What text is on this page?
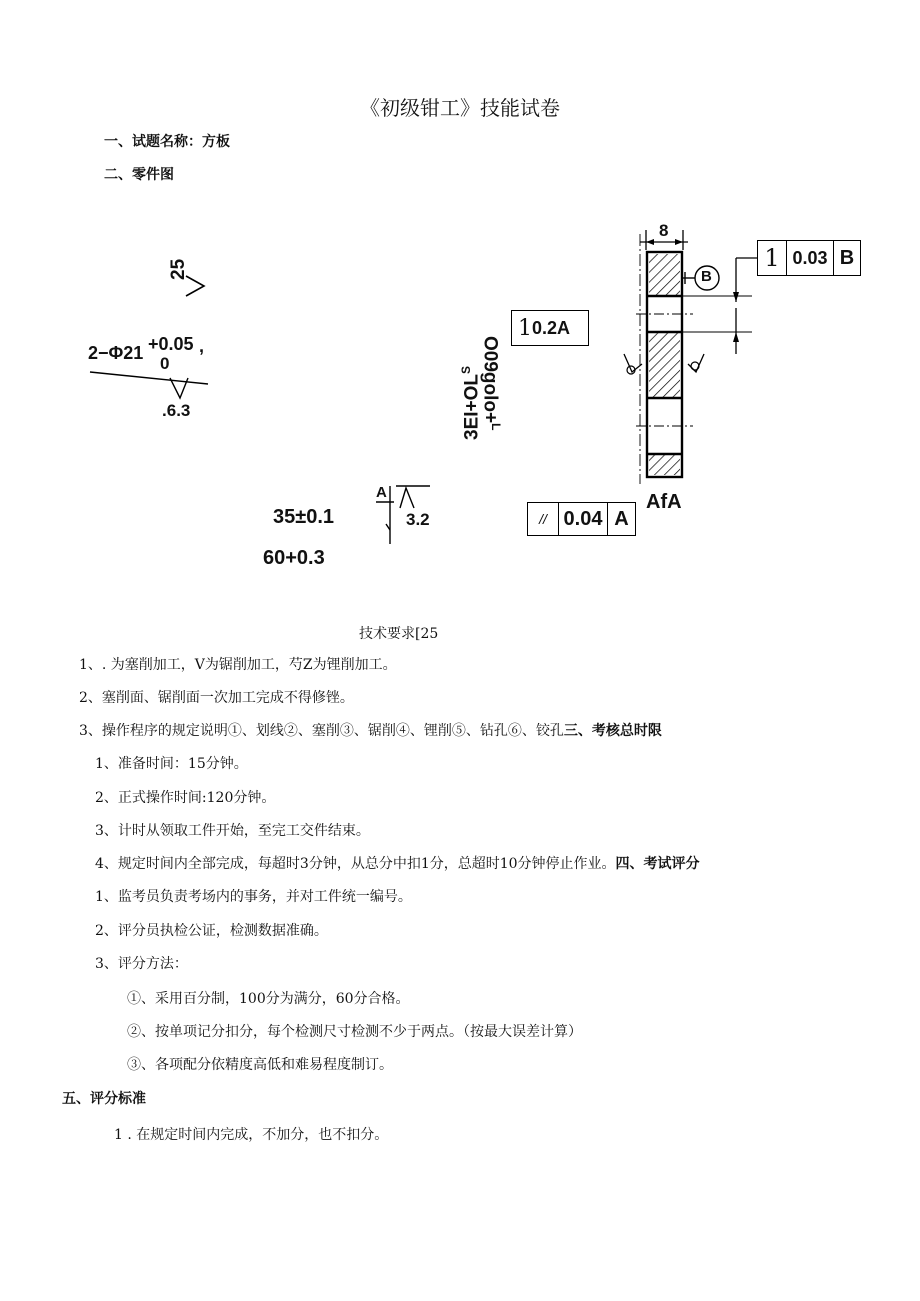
《初级钳工》技能试卷
一、试题名称：方板
二、零件图
25
2−Φ21 +0.05 ,
0
.6.3
1 0.2A
O09golo+$^L$
$3EI+OL^S$
35±0.1
60+0.3
A
3.2	// 0.04 A
8
B
AfA
1 0.03 B
技术要求[25
1、. 为塞削加工，V为锯削加工，芍Z为锂削加工。
2、塞削面、锯削面一次加工完成不得修锉。
3、操作程序的规定说明①、划线②、塞削③、锯削④、锂削⑤、钻孔⑥、铰孔三、考核总时限
1、准备时间：15分钟。
2、正式操作时间:120分钟。
3、计时从领取工件开始，至完工交件结束。
4、规定时间内全部完成，每超时3分钟，从总分中扣1分，总超时10分钟停止作业。四、考试评分
1、监考员负责考场内的事务，并对工件统一编号。
2、评分员执检公证，检测数据准确。
3、评分方法：
①、采用百分制，100分为满分，60分合格。
②、按单项记分扣分，每个检测尺寸检测不少于两点。（按最大误差计算）
③、各项配分依精度高低和难易程度制订。
五、评分标准
1 . 在规定时间内完成，不加分，也不扣分。
